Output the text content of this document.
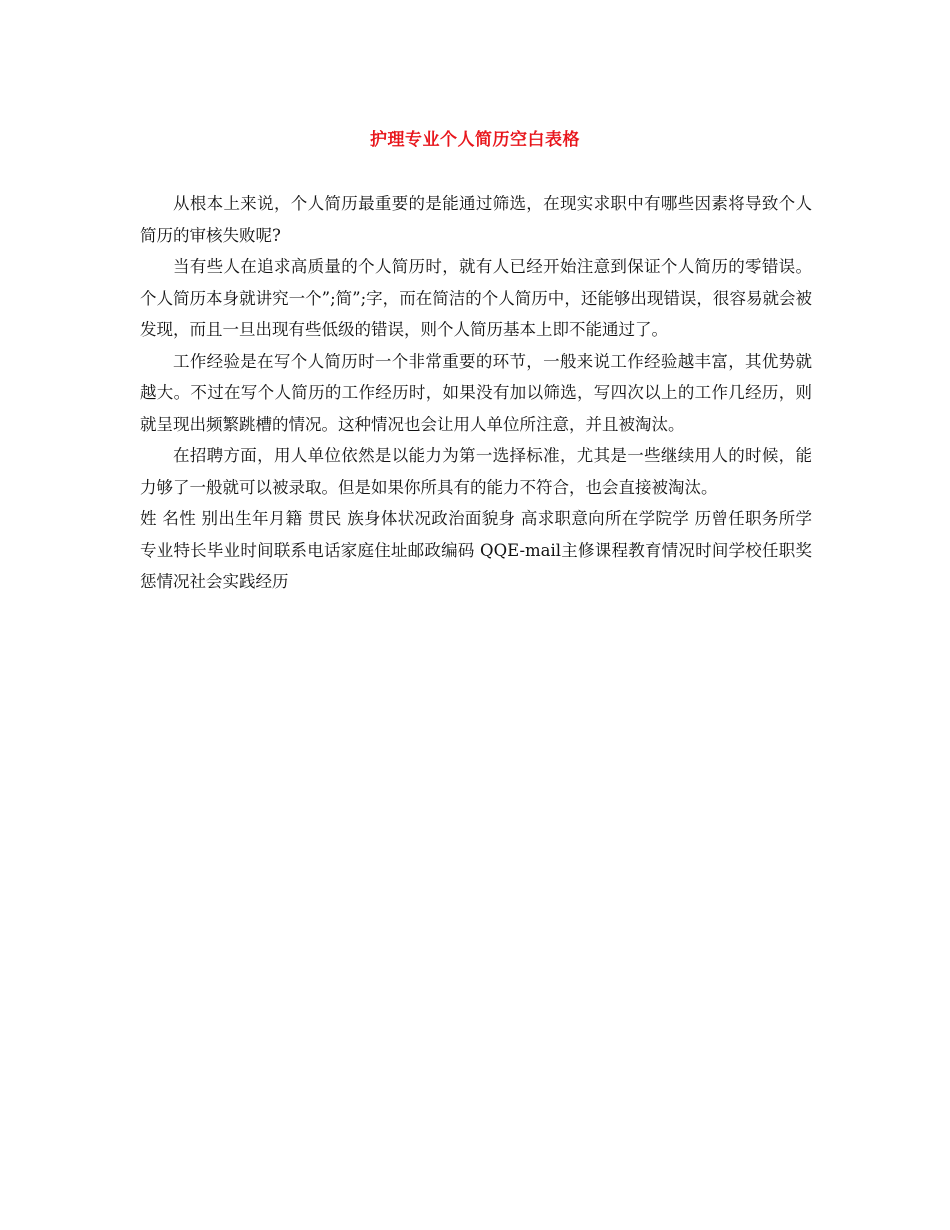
护理专业个人简历空白表格

从根本上来说，个人简历最重要的是能通过筛选，在现实求职中有哪些因素将导致个人简历的审核失败呢?

当有些人在追求高质量的个人简历时，就有人已经开始注意到保证个人简历的零错误。个人简历本身就讲究一个”;简”;字，而在简洁的个人简历中，还能够出现错误，很容易就会被发现，而且一旦出现有些低级的错误，则个人简历基本上即不能通过了。

工作经验是在写个人简历时一个非常重要的环节，一般来说工作经验越丰富，其优势就越大。不过在写个人简历的工作经历时，如果没有加以筛选，写四次以上的工作几经历，则就呈现出频繁跳槽的情况。这种情况也会让用人单位所注意，并且被淘汰。

在招聘方面，用人单位依然是以能力为第一选择标准，尤其是一些继续用人的时候，能力够了一般就可以被录取。但是如果你所具有的能力不符合，也会直接被淘汰。

姓 名性 别出生年月籍 贯民 族身体状况政治面貌身 高求职意向所在学院学 历曾任职务所学专业特长毕业时间联系电话家庭住址邮政编码 QQE-mail主修课程教育情况时间学校任职奖惩情况社会实践经历
